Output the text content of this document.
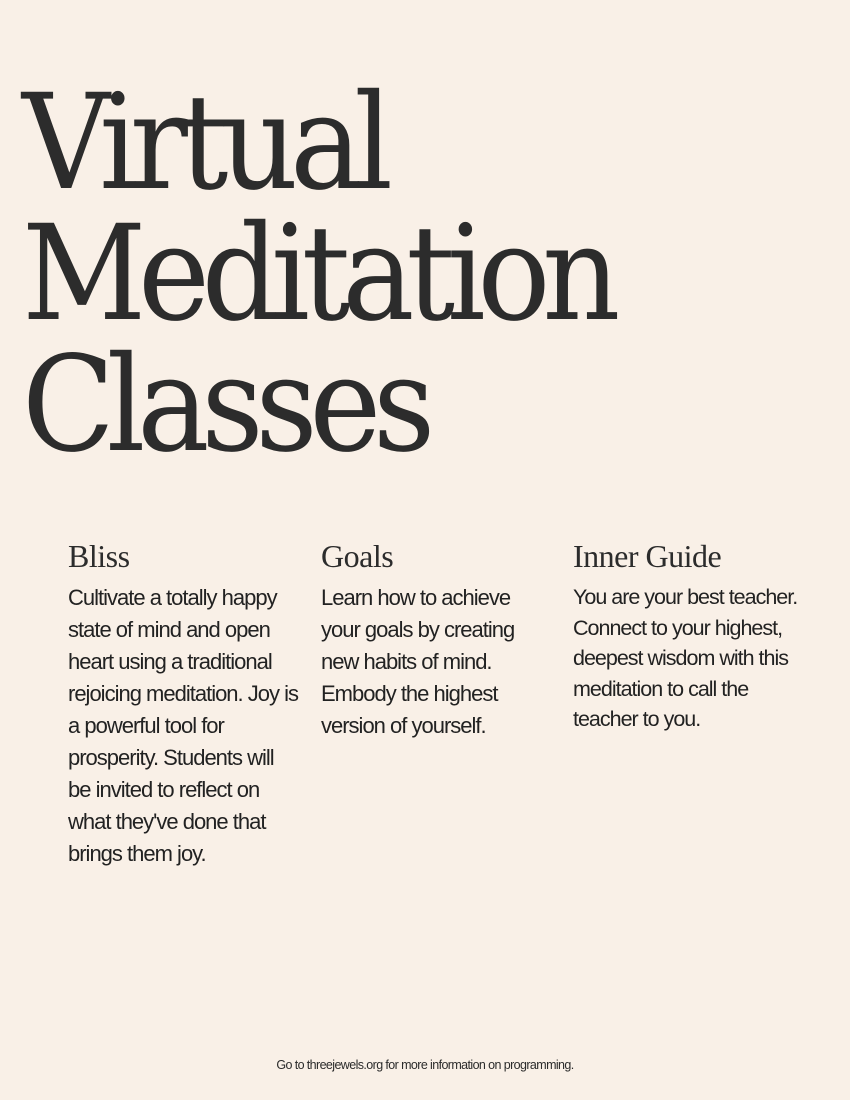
Virtual
Meditation
Classes
Bliss

Cultivate a totally happy state of mind and open heart using a traditional rejoicing meditation. Joy is a powerful tool for prosperity. Students will be invited to reflect on what they've done that brings them joy.

Goals

Learn how to achieve your goals by creating new habits of mind. Embody the highest version of yourself.

Inner Guide

You are your best teacher. Connect to your highest, deepest wisdom with this meditation to call the teacher to you.

Go to threejewels.org for more information on programming.
